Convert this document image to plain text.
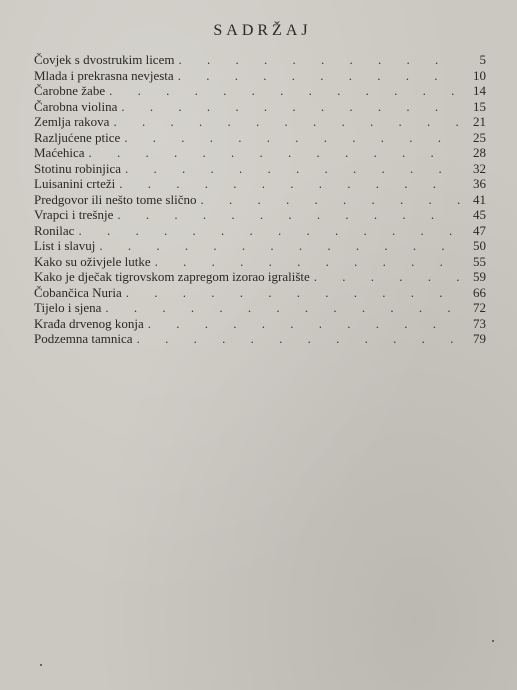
SADRŽAJ
Čovjek s dvostrukim licem . . .	5
Mlada i prekrasna nevjesta . . .	10
Čarobne žabe . . .	14
Čarobna violina . . .	15
Zemlja rakova . . .	21
Razljućene ptice . . .	25
Maćehica . . .	28
Stotinu robinjica . . .	32
Luisanini crteži . . .	36
Predgovor ili nešto tome slično . . .	41
Vrapci i trešnje . . .	45
Ronilac . . .	47
List i slavuj . . .	50
Kako su oživjele lutke . . .	55
Kako je dječak tigrovskom zapregom izorao igralište . . .	59
Čobančica Nuria . . .	66
Tijelo i sjena . . .	72
Krađa drvenog konja . . .	73
Podzemna tamnica . . .	79
